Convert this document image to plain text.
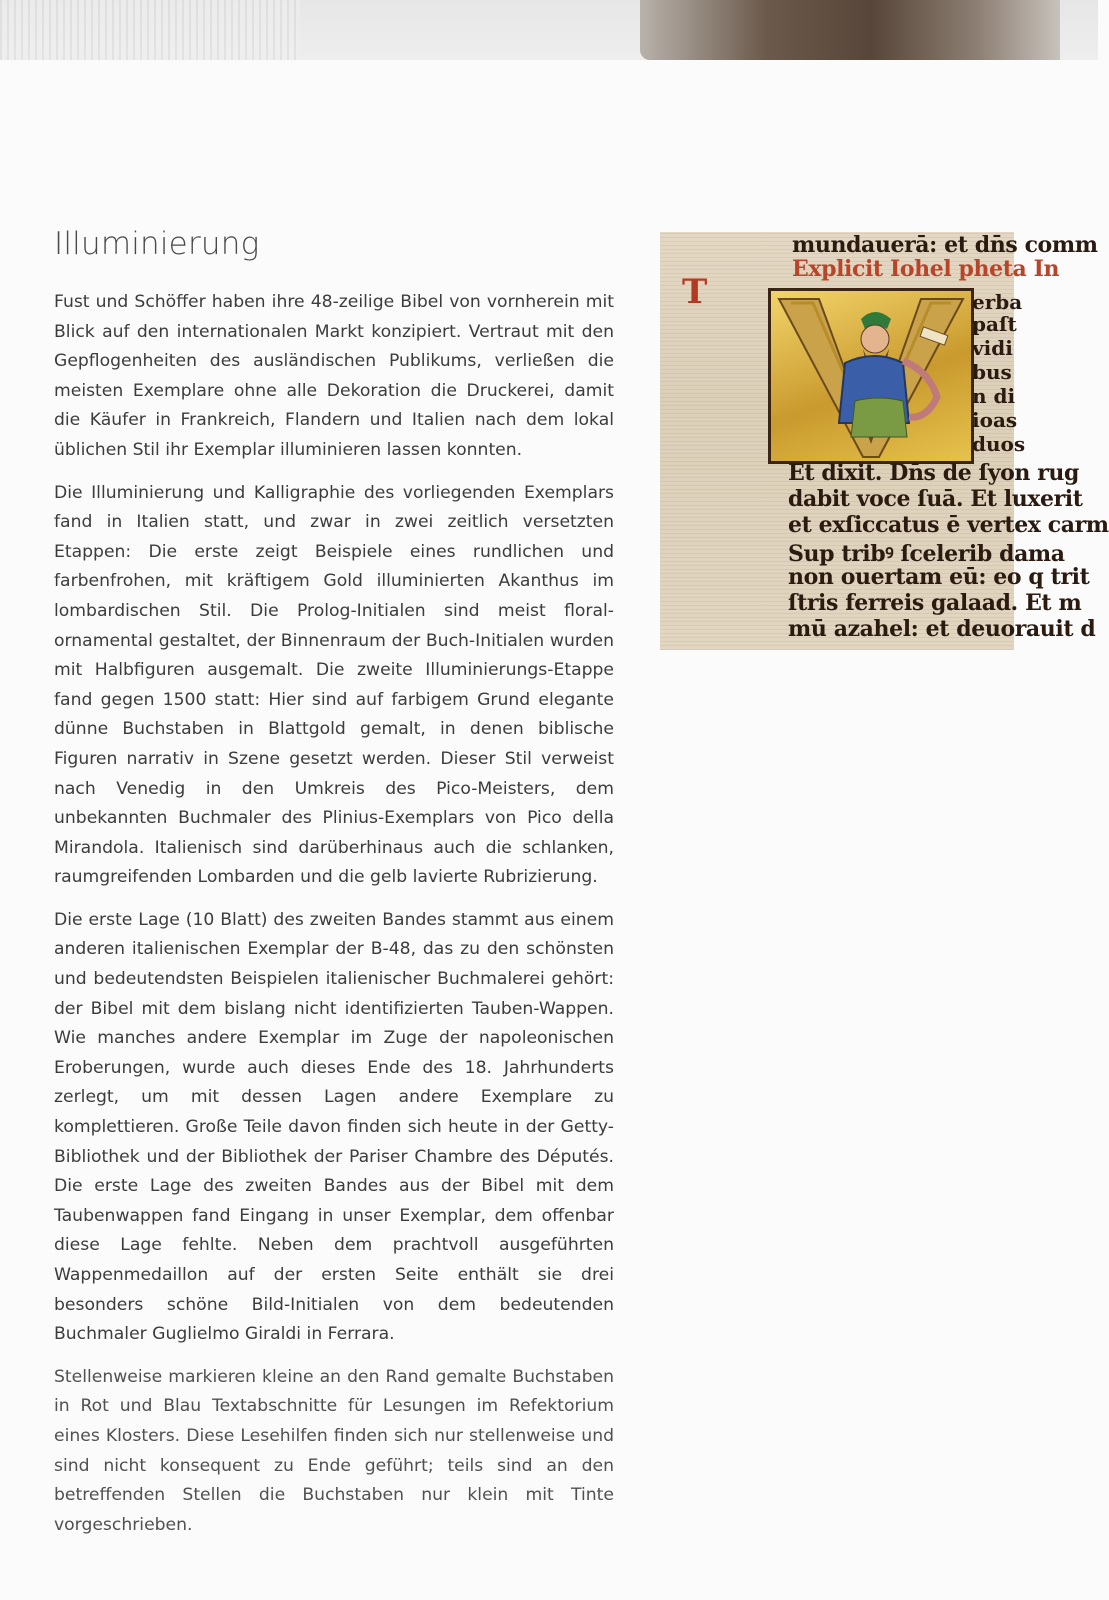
Illuminierung

Fust und Schöffer haben ihre 48-zeilige Bibel von vornherein mit Blick auf den internationalen Markt konzipiert. Vertraut mit den Gepflogenheiten des ausländischen Publikums, verließen die meisten Exemplare ohne alle Dekoration die Druckerei, damit die Käufer in Frankreich, Flandern und Italien nach dem lokal üblichen Stil ihr Exemplar illuminieren lassen konnten.

Die Illuminierung und Kalligraphie des vorliegenden Exemplars fand in Italien statt, und zwar in zwei zeitlich versetzten Etappen: Die erste zeigt Beispiele eines rundlichen und farbenfrohen, mit kräftigem Gold illuminierten Akanthus im lombardischen Stil. Die Prolog-Initialen sind meist floral-ornamental gestaltet, der Binnenraum der Buch-Initialen wurden mit Halbfiguren ausgemalt. Die zweite Illuminierungs-Etappe fand gegen 1500 statt: Hier sind auf farbigem Grund elegante dünne Buchstaben in Blattgold gemalt, in denen biblische Figuren narrativ in Szene gesetzt werden. Dieser Stil verweist nach Venedig in den Umkreis des Pico-Meisters, dem unbekannten Buchmaler des Plinius-Exemplars von Pico della Mirandola. Italienisch sind darüberhinaus auch die schlanken, raumgreifenden Lombarden und die gelb lavierte Rubrizierung.

Die erste Lage (10 Blatt) des zweiten Bandes stammt aus einem anderen italienischen Exemplar der B-48, das zu den schönsten und bedeutendsten Beispielen italienischer Buchmalerei gehört: der Bibel mit dem bislang nicht identifizierten Tauben-Wappen. Wie manches andere Exemplar im Zuge der napoleonischen Eroberungen, wurde auch dieses Ende des 18. Jahrhunderts zerlegt, um mit dessen Lagen andere Exemplare zu komplettieren. Große Teile davon finden sich heute in der Getty-Bibliothek und der Bibliothek der Pariser Chambre des Députés. Die erste Lage des zweiten Bandes aus der Bibel mit dem Taubenwappen fand Eingang in unser Exemplar, dem offenbar diese Lage fehlte. Neben dem prachtvoll ausgeführten Wappenmedaillon auf der ersten Seite enthält sie drei besonders schöne Bild-Initialen von dem bedeutenden Buchmaler Guglielmo Giraldi in Ferrara.

Stellenweise markieren kleine an den Rand gemalte Buchstaben in Rot und Blau Textabschnitte für Lesungen im Refektorium eines Klosters. Diese Lesehilfen finden sich nur stellenweise und sind nicht konsequent zu Ende geführt; teils sind an den betreffenden Stellen die Buchstaben nur klein mit Tinte vorgeschrieben.

mundauerā: et dn̄s comm
Explicit Iohel pheta In
T	erba
paſt
vidi
bus
n di
ioas
duos
Et dixit. Dn̄s de ſyon rug
dabit voce ſuā. Et luxerit
et exſiccatus ē vertex carm
Sup tribꝰ ſcelerib dama
non ouertam eū: eo q trit
ſtris ferreis galaad. Et m
mū azahel: et deuorauit d
